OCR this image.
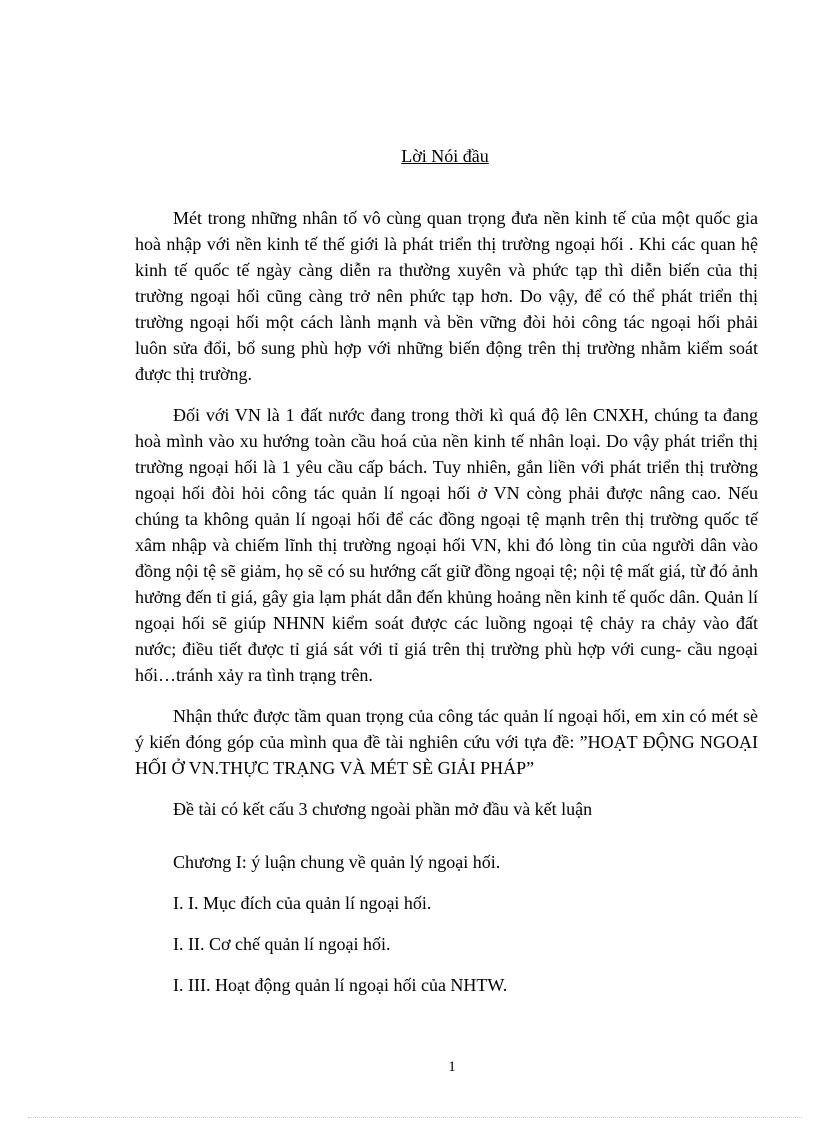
Lời Nói đầu

Mét trong những nhân tố vô cùng quan trọng đưa nền kinh tế của một quốc gia hoà nhập với nền kinh tế thế giới là phát triển thị trường ngoại hối . Khi các quan hệ kinh tế quốc tế ngày càng diễn ra thường xuyên và phức tạp thì diễn biến của thị trường ngoại hối cũng càng trở nên phức tạp hơn. Do vậy, để có thể phát triển thị trường ngoại hối một cách lành mạnh và bền vững đòi hỏi công tác ngoại hối phải luôn sửa đổi, bổ sung phù hợp với những biến động trên thị trường nhằm kiểm soát được thị trường.

Đối với VN là 1 đất nước đang trong thời kì quá độ lên CNXH, chúng ta đang hoà mình vào xu hướng toàn cầu hoá của nền kinh tế nhân loại. Do vậy phát triển thị trường ngoại hối là 1 yêu cầu cấp bách. Tuy nhiên, gắn liền với phát triển thị trường ngoại hối đòi hỏi công tác quản lí ngoại hối ở VN còng phải được nâng cao. Nếu chúng ta không quản lí ngoại hối để các đồng ngoại tệ mạnh trên thị trường quốc tế xâm nhập và chiếm lĩnh thị trường ngoại hối VN, khi đó lòng tin của người dân vào đồng nội tệ sẽ giảm, họ sẽ có su hướng cất giữ đồng ngoại tệ; nội tệ mất giá, từ đó ảnh hưởng đến tỉ giá, gây gia lạm phát dẫn đến khủng hoảng nền kinh tế quốc dân. Quản lí ngoại hối sẽ giúp NHNN kiểm soát được các luồng ngoại tệ chảy ra chảy vào đất nước; điều tiết được tỉ giá sát với tỉ giá trên thị trường phù hợp với cung- cầu ngoại hối…tránh xảy ra tình trạng trên.

Nhận thức được tầm quan trọng của công tác quản lí ngoại hối, em xin có mét sè ý kiến đóng góp của mình qua đề tài nghiên cứu với tựa đề: ”HOẠT ĐỘNG NGOẠI HỐI Ở VN.THỰC TRẠNG VÀ MÉT SÈ GIẢI PHÁP”

Đề tài có kết cấu 3 chương ngoài phần mở đầu và kết luận

Chương I: ý luận chung về quản lý ngoại hối.

I. I. Mục đích của quản lí ngoại hối.

I. II. Cơ chế quản lí ngoại hối.

I. III. Hoạt động quản lí ngoại hối của NHTW.

1
